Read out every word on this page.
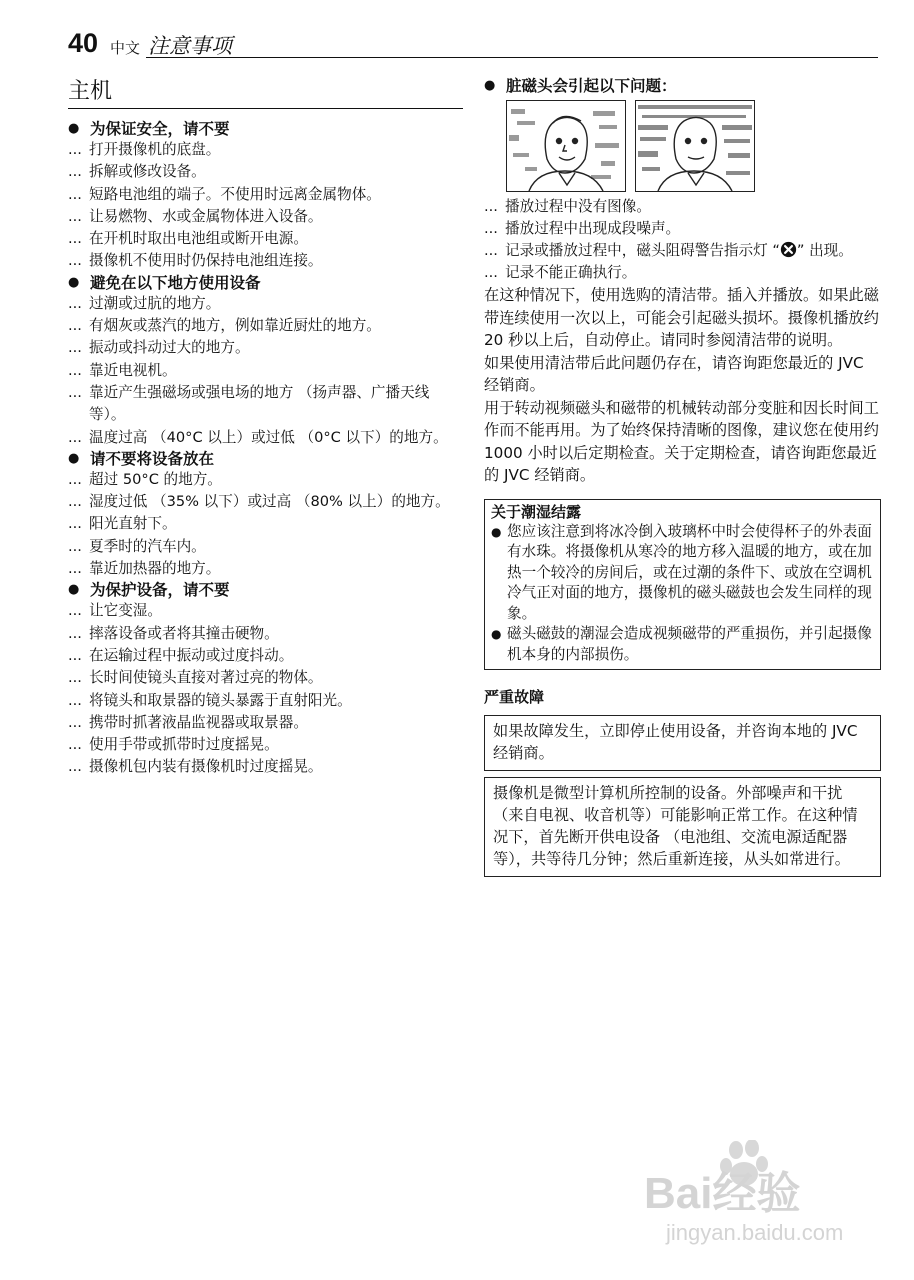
40 中文 注意事项
主机
● 为保证安全，请不要
... 打开摄像机的底盘。
... 拆解或修改设备。
... 短路电池组的端子。不使用时远离金属物体。
... 让易燃物、水或金属物体进入设备。
... 在开机时取出电池组或断开电源。
... 摄像机不使用时仍保持电池组连接。
● 避免在以下地方使用设备
... 过潮或过肮的地方。
... 有烟灰或蒸汽的地方，例如靠近厨灶的地方。
... 振动或抖动过大的地方。
... 靠近电视机。
... 靠近产生强磁场或强电场的地方 （扬声器、广播天线等）。
... 温度过高 （40°C 以上）或过低 （0°C 以下）的地方。
● 请不要将设备放在
... 超过 50°C 的地方。
... 湿度过低 （35% 以下）或过高 （80% 以上）的地方。
... 阳光直射下。
... 夏季时的汽车内。
... 靠近加热器的地方。
● 为保护设备，请不要
... 让它变湿。
... 摔落设备或者将其撞击硬物。
... 在运输过程中振动或过度抖动。
... 长时间使镜头直接对著过亮的物体。
... 将镜头和取景器的镜头暴露于直射阳光。
... 携带时抓著液晶监视器或取景器。
... 使用手带或抓带时过度摇晃。
... 摄像机包内装有摄像机时过度摇晃。
● 脏磁头会引起以下问题：
... 播放过程中没有图像。
... 播放过程中出现成段噪声。
... 记录或播放过程中，磁头阻碍警告指示灯 “ ” 出现。
... 记录不能正确执行。

在这种情况下，使用选购的清洁带。插入并播放。如果此磁带连续使用一次以上，可能会引起磁头损坏。摄像机播放约 20 秒以上后，自动停止。请同时参阅清洁带的说明。

如果使用清洁带后此问题仍存在，请咨询距您最近的 JVC 经销商。

用于转动视频磁头和磁带的机械转动部分变脏和因长时间工作而不能再用。为了始终保持清晰的图像，建议您在使用约 1000 小时以后定期检查。关于定期检查，请咨询距您最近的 JVC 经销商。

关于潮湿结露
● 您应该注意到将冰冷倒入玻璃杯中时会使得杯子的外表面有水珠。将摄像机从寒冷的地方移入温暖的地方，或在加热一个较冷的房间后，或在过潮的条件下、或放在空调机冷气正对面的地方，摄像机的磁头磁鼓也会发生同样的现象。
● 磁头磁鼓的潮湿会造成视频磁带的严重损伤，并引起摄像机本身的内部损伤。
严重故障
如果故障发生，立即停止使用设备，并咨询本地的 JVC 经销商。
摄像机是微型计算机所控制的设备。外部噪声和干扰 （来自电视、收音机等）可能影响正常工作。在这种情况下，首先断开供电设备 （电池组、交流电源适配器等），共等待几分钟；然后重新连接，从头如常进行。
Bai经验
jingyan.baidu.com
